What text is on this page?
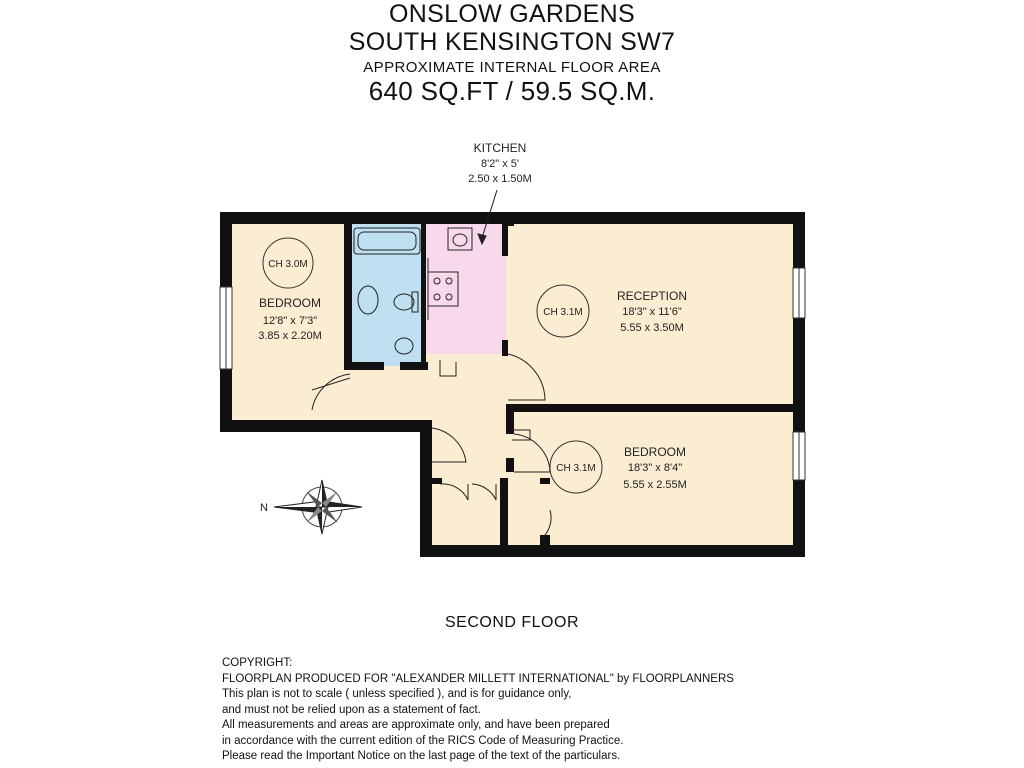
ONSLOW GARDENS
SOUTH KENSINGTON SW7
APPROXIMATE INTERNAL FLOOR AREA
640 SQ.FT / 59.5 SQ.M.
KITCHEN
8'2" x 5'
2.50 x 1.50M
CH 3.0M
BEDROOM
12'8" x 7'3"
3.85 x 2.20M
CH 3.1M
RECEPTION
18'3" x 11'6"
5.55 x 3.50M
CH 3.1M
BEDROOM
18'3" x 8'4"
5.55 x 2.55M
N
SECOND FLOOR
COPYRIGHT:
FLOORPLAN PRODUCED FOR "ALEXANDER MILLETT INTERNATIONAL" by FLOORPLANNERS
This plan is not to scale ( unless specified ), and is for guidance only,
and must not be relied upon as a statement of fact.
All measurements and areas are approximate only, and have been prepared
in accordance with the current edition of the RICS Code of Measuring Practice.
Please read the Important Notice on the last page of the text of the particulars.
